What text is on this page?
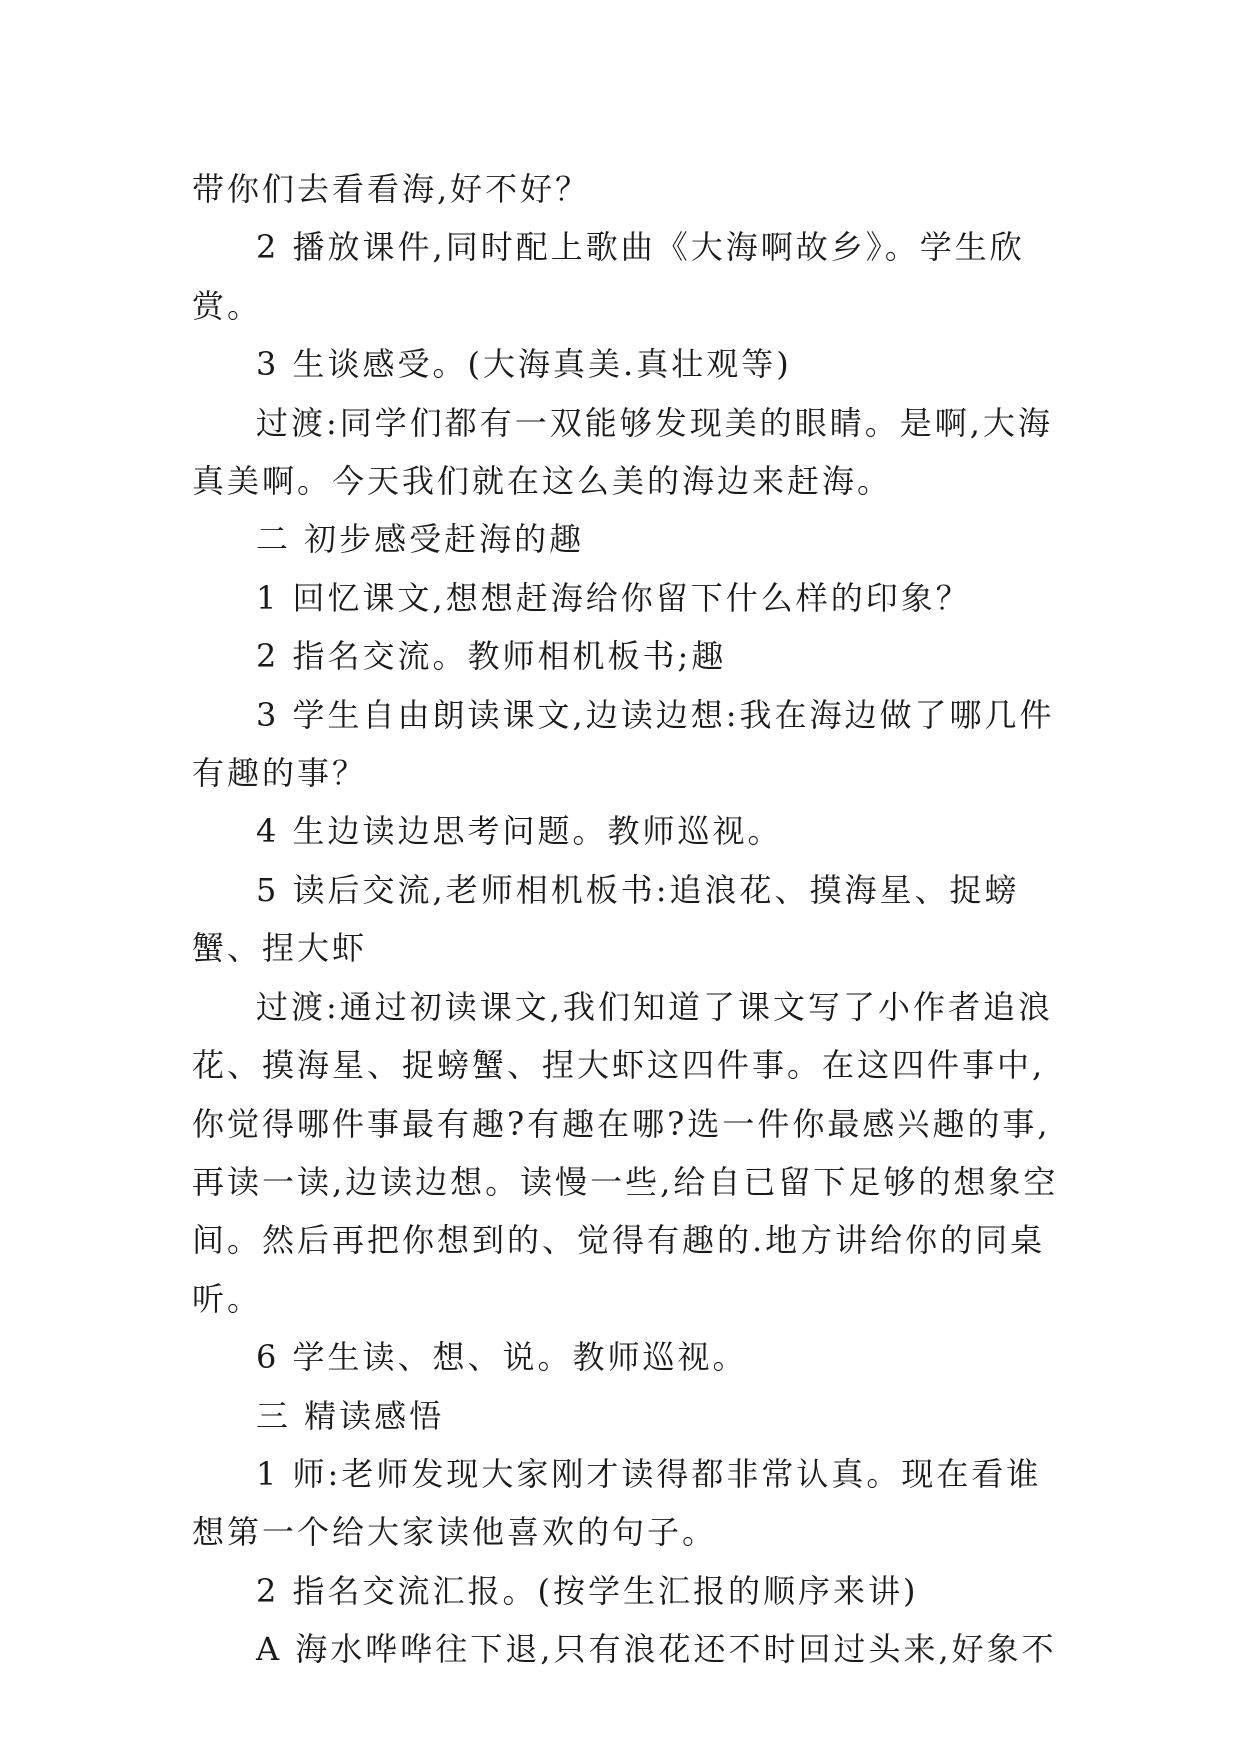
带你们去看看海,好不好？

2 播放课件,同时配上歌曲《大海啊故乡》。学生欣赏。

3 生谈感受。(大海真美.真壮观等)

过渡:同学们都有一双能够发现美的眼睛。是啊,大海真美啊。今天我们就在这么美的海边来赶海。

二 初步感受赶海的趣

1 回忆课文,想想赶海给你留下什么样的印象？

2 指名交流。教师相机板书;趣

3 学生自由朗读课文,边读边想:我在海边做了哪几件有趣的事？

4 生边读边思考问题。教师巡视。

5 读后交流,老师相机板书:追浪花、摸海星、捉螃蟹、捏大虾

过渡:通过初读课文,我们知道了课文写了小作者追浪花、摸海星、捉螃蟹、捏大虾这四件事。在这四件事中,你觉得哪件事最有趣?有趣在哪?选一件你最感兴趣的事,再读一读,边读边想。读慢一些,给自已留下足够的想象空间。然后再把你想到的、觉得有趣的.地方讲给你的同桌听。

6 学生读、想、说。教师巡视。

三 精读感悟

1 师:老师发现大家刚才读得都非常认真。现在看谁想第一个给大家读他喜欢的句子。

2 指名交流汇报。(按学生汇报的顺序来讲)

A 海水哗哗往下退,只有浪花还不时回过头来,好象不
